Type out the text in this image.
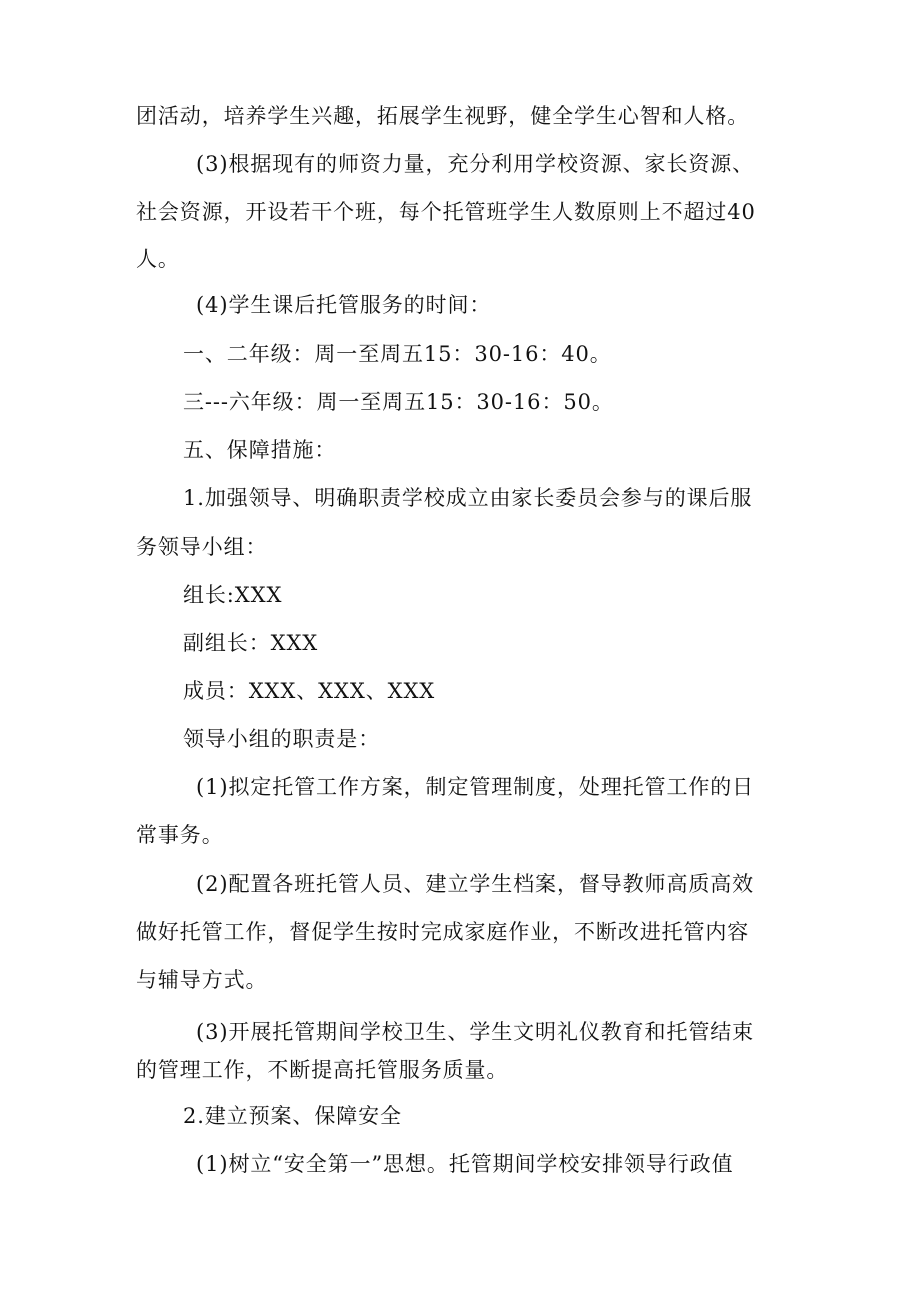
团活动，培养学生兴趣，拓展学生视野，健全学生心智和人格。
(3)根据现有的师资力量，充分利用学校资源、家长资源、
社会资源，开设若干个班，每个托管班学生人数原则上不超过40
人。
(4)学生课后托管服务的时间：
一、二年级：周一至周五15：30-16：40。
三---六年级：周一至周五15：30-16：50。
五、保障措施：
1.加强领导、明确职责学校成立由家长委员会参与的课后服
务领导小组：
组长:XXX
副组长：XXX
成员：XXX、XXX、XXX
领导小组的职责是：
(1)拟定托管工作方案，制定管理制度，处理托管工作的日
常事务。
(2)配置各班托管人员、建立学生档案，督导教师高质高效
做好托管工作，督促学生按时完成家庭作业，不断改进托管内容
与辅导方式。
(3)开展托管期间学校卫生、学生文明礼仪教育和托管结束
的管理工作，不断提高托管服务质量。
2.建立预案、保障安全
(1)树立“安全第一”思想。托管期间学校安排领导行政值
